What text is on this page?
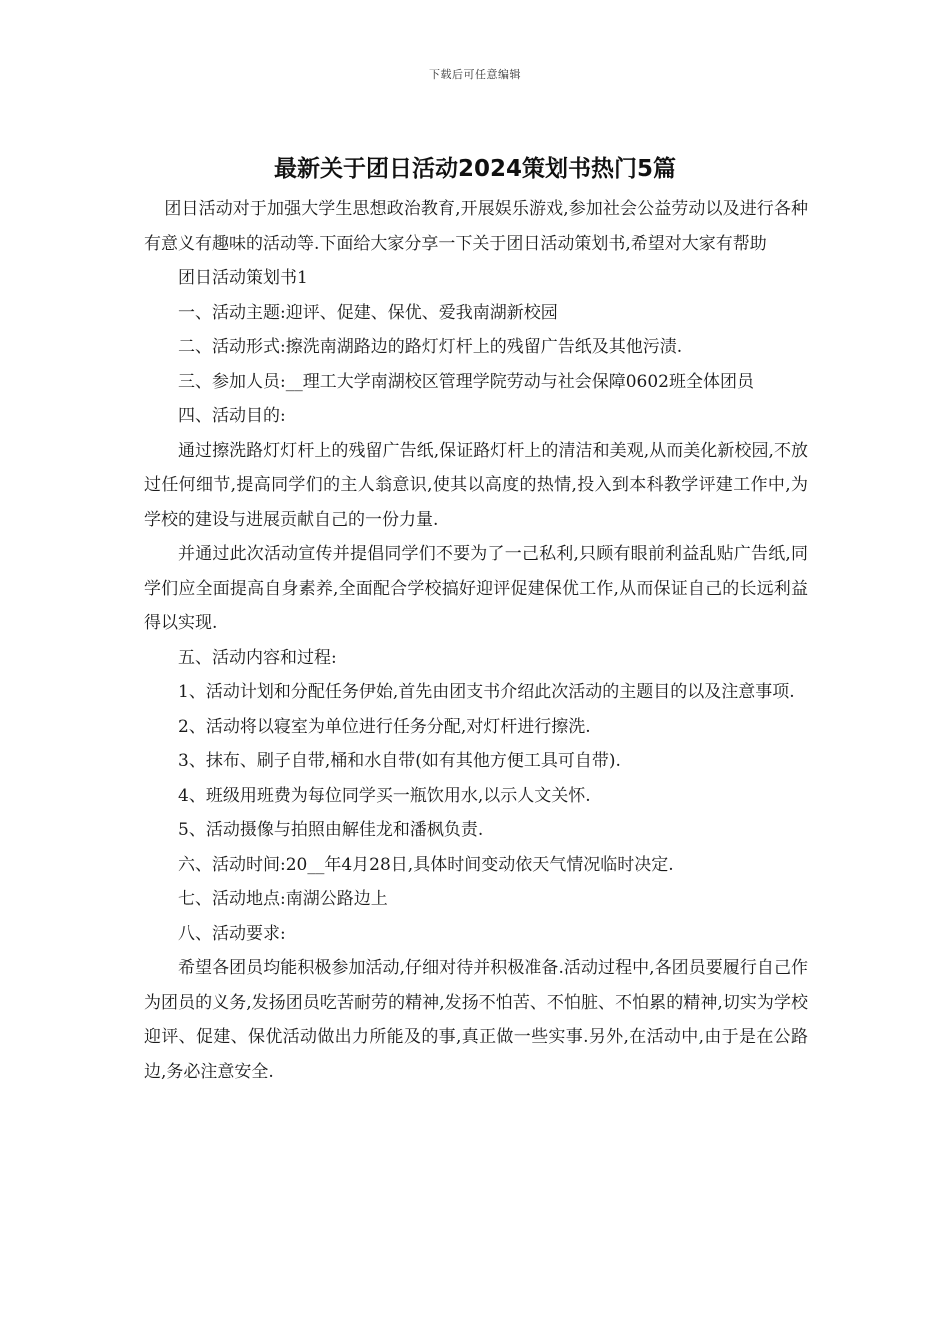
下载后可任意编辑
最新关于团日活动2024策划书热门5篇

团日活动对于加强大学生思想政治教育,开展娱乐游戏,参加社会公益劳动以及进行各种有意义有趣味的活动等.下面给大家分享一下关于团日活动策划书,希望对大家有帮助

团日活动策划书1

一、活动主题:迎评、促建、保优、爱我南湖新校园

二、活动形式:擦洗南湖路边的路灯灯杆上的残留广告纸及其他污渍.

三、参加人员:__理工大学南湖校区管理学院劳动与社会保障0602班全体团员

四、活动目的:

通过擦洗路灯灯杆上的残留广告纸,保证路灯杆上的清洁和美观,从而美化新校园,不放过任何细节,提高同学们的主人翁意识,使其以高度的热情,投入到本科教学评建工作中,为学校的建设与进展贡献自己的一份力量.

并通过此次活动宣传并提倡同学们不要为了一己私利,只顾有眼前利益乱贴广告纸,同学们应全面提高自身素养,全面配合学校搞好迎评促建保优工作,从而保证自己的长远利益得以实现.

五、活动内容和过程:

1、活动计划和分配任务伊始,首先由团支书介绍此次活动的主题目的以及注意事项.

2、活动将以寝室为单位进行任务分配,对灯杆进行擦洗.

3、抹布、刷子自带,桶和水自带(如有其他方便工具可自带).

4、班级用班费为每位同学买一瓶饮用水,以示人文关怀.

5、活动摄像与拍照由解佳龙和潘枫负责.

六、活动时间:20__年4月28日,具体时间变动依天气情况临时决定.

七、活动地点:南湖公路边上

八、活动要求:

希望各团员均能积极参加活动,仔细对待并积极准备.活动过程中,各团员要履行自己作为团员的义务,发扬团员吃苦耐劳的精神,发扬不怕苦、不怕脏、不怕累的精神,切实为学校迎评、促建、保优活动做出力所能及的事,真正做一些实事.另外,在活动中,由于是在公路边,务必注意安全.
